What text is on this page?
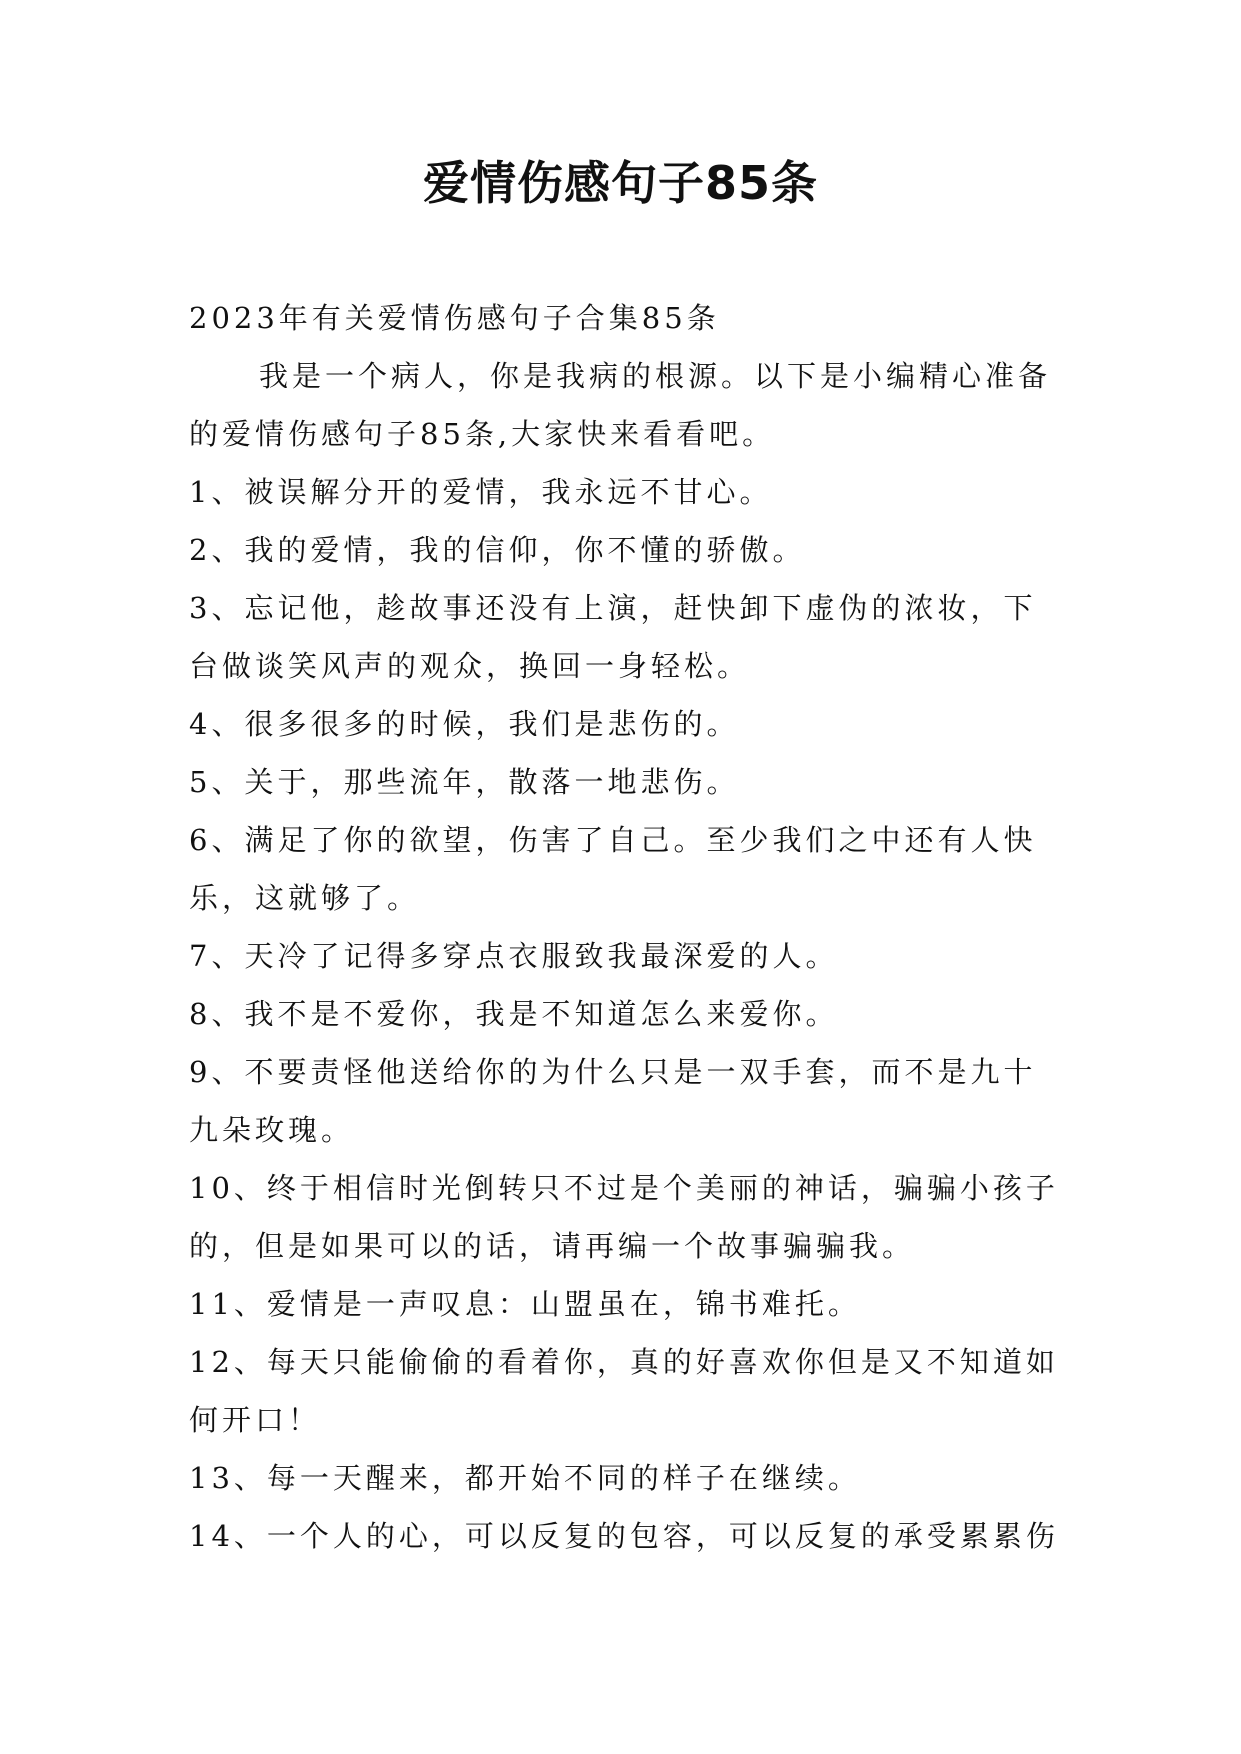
爱情伤感句子85条

2023年有关爱情伤感句子合集85条

我是一个病人，你是我病的根源。以下是小编精心准备的爱情伤感句子85条,大家快来看看吧。

1、被误解分开的爱情，我永远不甘心。

2、我的爱情，我的信仰，你不懂的骄傲。

3、忘记他，趁故事还没有上演，赶快卸下虚伪的浓妆，下台做谈笑风声的观众，换回一身轻松。

4、很多很多的时候，我们是悲伤的。

5、关于，那些流年，散落一地悲伤。

6、满足了你的欲望，伤害了自己。至少我们之中还有人快乐，这就够了。

7、天冷了记得多穿点衣服致我最深爱的人。

8、我不是不爱你，我是不知道怎么来爱你。

9、不要责怪他送给你的为什么只是一双手套，而不是九十九朵玫瑰。

10、终于相信时光倒转只不过是个美丽的神话，骗骗小孩子的，但是如果可以的话，请再编一个故事骗骗我。

11、爱情是一声叹息：山盟虽在，锦书难托。

12、每天只能偷偷的看着你，真的好喜欢你但是又不知道如何开口！

13、每一天醒来，都开始不同的样子在继续。

14、一个人的心，可以反复的包容，可以反复的承受累累伤
